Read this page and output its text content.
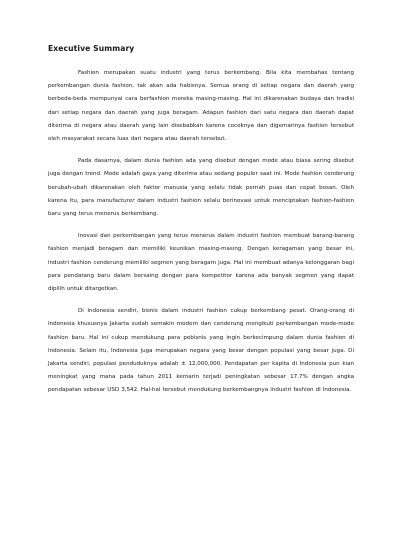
Executive Summary

Fashion merupakan suatu industri yang terus berkembang. Bila kita membahas tentang perkembangan dunia fashion, tak akan ada habisnya. Semua orang di setiap negara dan daerah yang berbeda-beda mempunyai cara berfashion mereka masing-masing. Hal ini dikarenakan budaya dan tradisi dari setiap negara dan daerah yang juga beragam. Adapun fashion dari satu negara dan daerah dapat diterima di negara atau daerah yang lain disebabkan karena cocoknya dan digemarinya fashion tersebut oleh masyarakat secara luas dari negara atau daerah tersebut.

Pada dasarnya, dalam dunia fashion ada yang disebut dengan mode atau biasa sering disebut juga dengan trend. Mode adalah gaya yang diterima atau sedang populer saat ini. Mode fashion cenderung berubah-ubah dikarenakan oleh faktor manusia yang selalu tidak pernah puas dan cepat bosan. Oleh karena itu, para manufacturer dalam industri fashion selalu berinovasi untuk menciptakan fashion-fashion baru yang terus menerus berkembang.

Inovasi dan perkembangan yang terus menerus dalam industri fashion membuat barang-barang fashion menjadi beragam dan memiliki keunikan masing-masing. Dengan keragaman yang besar ini, industri fashion cenderung memiliki segmen yang beragam juga. Hal ini membuat adanya kelonggaran bagi para pendatang baru dalam bersaing dengan para kompetitor karena ada banyak segmen yang dapat dipilih untuk ditargetkan.

Di Indonesia sendiri, bisnis dalam industri fashion cukup berkembang pesat. Orang-orang di Indonesia khususnya Jakarta sudah semakin modern dan cenderung mengikuti perkembangan mode-mode fashion baru. Hal ini cukup mendukung para pebisnis yang ingin berkecimpung dalam dunia fashion di Indonesia. Selain itu, Indonesia juga merupakan negara yang besar dengan populasi yang besar juga. Di Jakarta sendiri, populasi penduduknya adalah ± 12,000,000. Pendapatan per kapita di Indonesia pun kian meningkat yang mana pada tahun 2011 kemarin terjadi peningkatan sebesar 17.7% dengan angka pendapatan sebesar USD 3,542. Hal-hal tersebut mendukung berkembangnya industri fashion di Indonesia.
